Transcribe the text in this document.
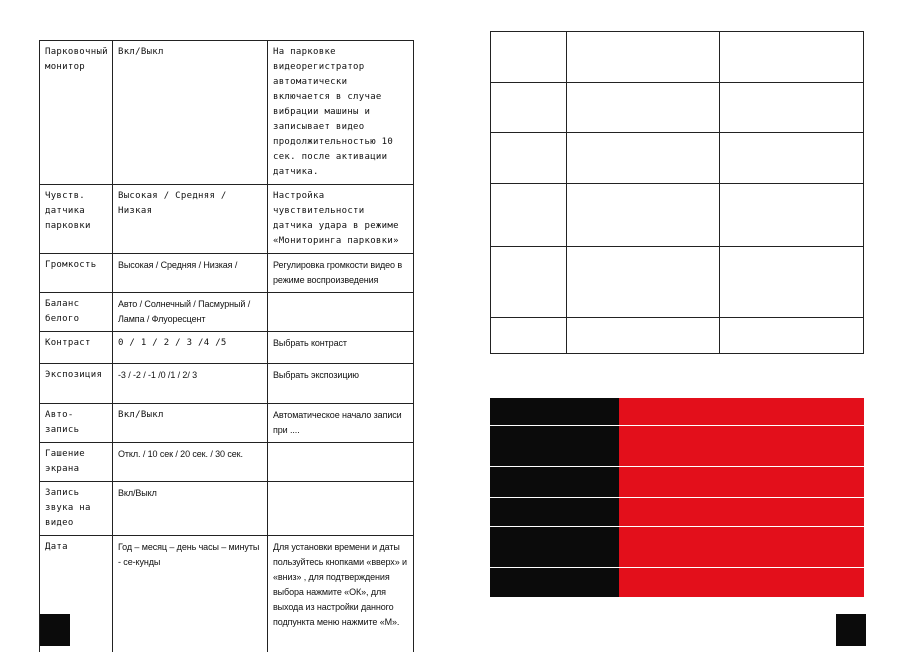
Парковочный монитор	Вкл/Выкл	На парковке видеорегистратор автоматически включается в случае вибрации машины и записывает видео продолжительностью 10 сек. после активации датчика.
Чувств. датчика парковки	Высокая / Средняя / Низкая	Настройка чувствительности датчика удара в режиме «Мониторинга парковки»
Громкость	Высокая / Средняя / Низкая /	Регулировка громкости видео в режиме воспроизведения
Баланс белого	Авто / Солнечный / Пасмурный / Лампа / Флуоресцент	
Контраст	0 / 1 / 2 / 3 /4 /5	Выбрать контраст
Экспозиция	-3 / -2 / -1 /0 /1 / 2/ 3	Выбрать экспозицию
Авто-запись	Вкл/Выкл	Автоматическое начало записи при ....
Гашение экрана	Откл. / 10 сек / 20 сек. / 30 сек.	
Запись звука на видео	Вкл/Выкл	
Дата	Год – месяц – день часы – минуты - се-кунды	Для установки времени и даты пользуйтесь кнопками «вверх» и «вниз» , для подтверждения выбора нажмите «ОК», для выхода из настройки данного подпункта меню нажмите «М».
